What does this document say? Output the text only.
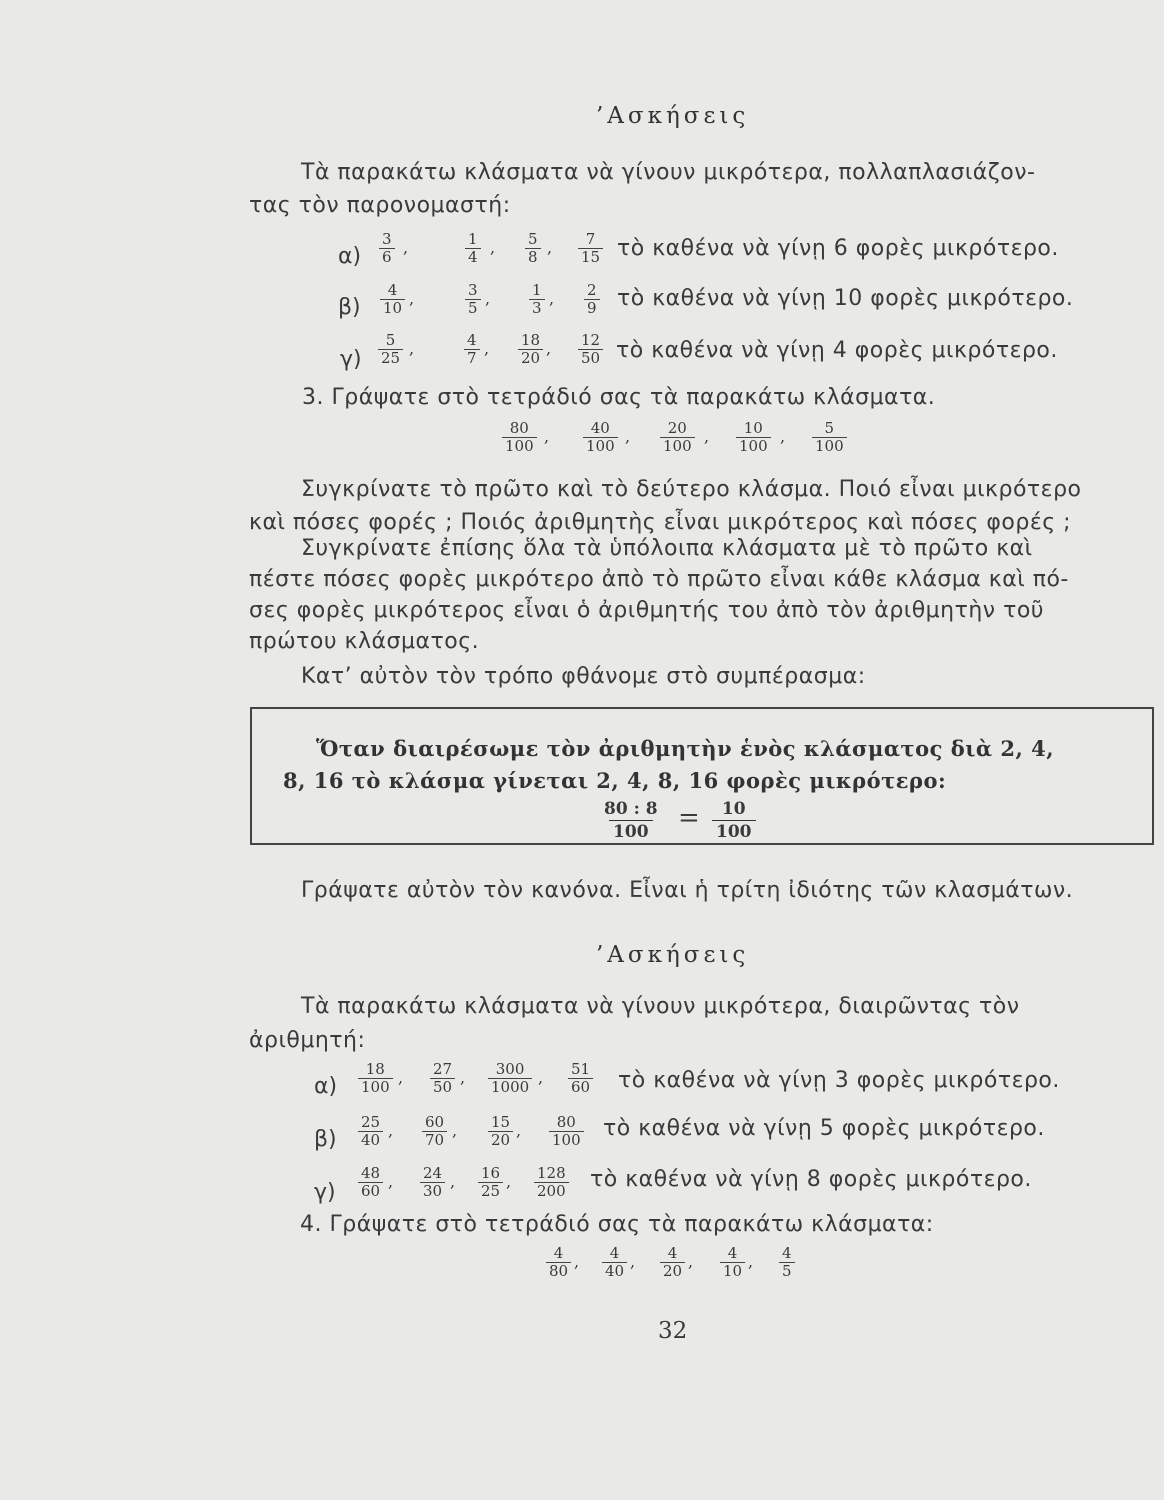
’Ασκήσεις
Τὰ παρακάτω κλάσματα νὰ γίνουν μικρότερα, πολλαπλασιάζον-
τας τὸν παρονομαστή:
α)
3
6 ,	1
4 , 5
8 , 7
15 τὸ καθένα νὰ γίνῃ 6 φορὲς μικρότερο.
β)
4
10 ,	3
5 ,	1
3 , 2
9 τὸ καθένα νὰ γίνῃ 10 φορὲς μικρότερο.
γ)
5
25 ,	4
7 , 18
20 , 12
50 τὸ καθένα νὰ γίνῃ 4 φορὲς μικρότερο.
3. Γράψατε στὸ τετράδιό σας τὰ παρακάτω κλάσματα.
80
100 ,	40
100 ,	20
100 , 10
100 ,	5
100
Συγκρίνατε τὸ πρῶτο καὶ τὸ δεύτερο κλάσμα. Ποιό εἶναι μικρότερο
καὶ πόσες φορές ; Ποιός ἀριθμητὴς εἶναι μικρότερος καὶ πόσες φορές ;
Συγκρίνατε ἐπίσης ὅλα τὰ ὑπόλοιπα κλάσματα μὲ τὸ πρῶτο καὶ
πέστε πόσες φορὲς μικρότερο ἀπὸ τὸ πρῶτο εἶναι κάθε κλάσμα καὶ πό-
σες φορὲς μικρότερος εἶναι ὁ ἀριθμητής του ἀπὸ τὸν ἀριθμητὴν τοῦ
πρώτου κλάσματος.
Κατ’ αὐτὸν τὸν τρόπο φθάνομε στὸ συμπέρασμα:
Ὅταν διαιρέσωμε τὸν ἀριθμητὴν ἑνὸς κλάσματος διὰ 2, 4,
8, 16 τὸ κλάσμα γίνεται 2, 4, 8, 16 φορὲς μικρότερο:
80 : 8
100 = 10
100
Γράψατε αὐτὸν τὸν κανόνα. Εἶναι ἡ τρίτη ἰδιότης τῶν κλασμάτων.
’Ασκήσεις
Τὰ παρακάτω κλάσματα νὰ γίνουν μικρότερα, διαιρῶντας τὸν
ἀριθμητή:
α)
18
100 , 27
50 , 300
1000 , 51
60 τὸ καθένα νὰ γίνῃ 3 φορὲς μικρότερο.
β)
25
40 , 60
70 , 15
20 , 80
100 τὸ καθένα νὰ γίνῃ 5 φορὲς μικρότερο.
γ)
48
60 , 24
30 , 16
25 , 128
200 τὸ καθένα νὰ γίνῃ 8 φορὲς μικρότερο.
4. Γράψατε στὸ τετράδιό σας τὰ παρακάτω κλάσματα:
4
80 , 4
40 , 4
20 , 4
10 , 4
5
32
